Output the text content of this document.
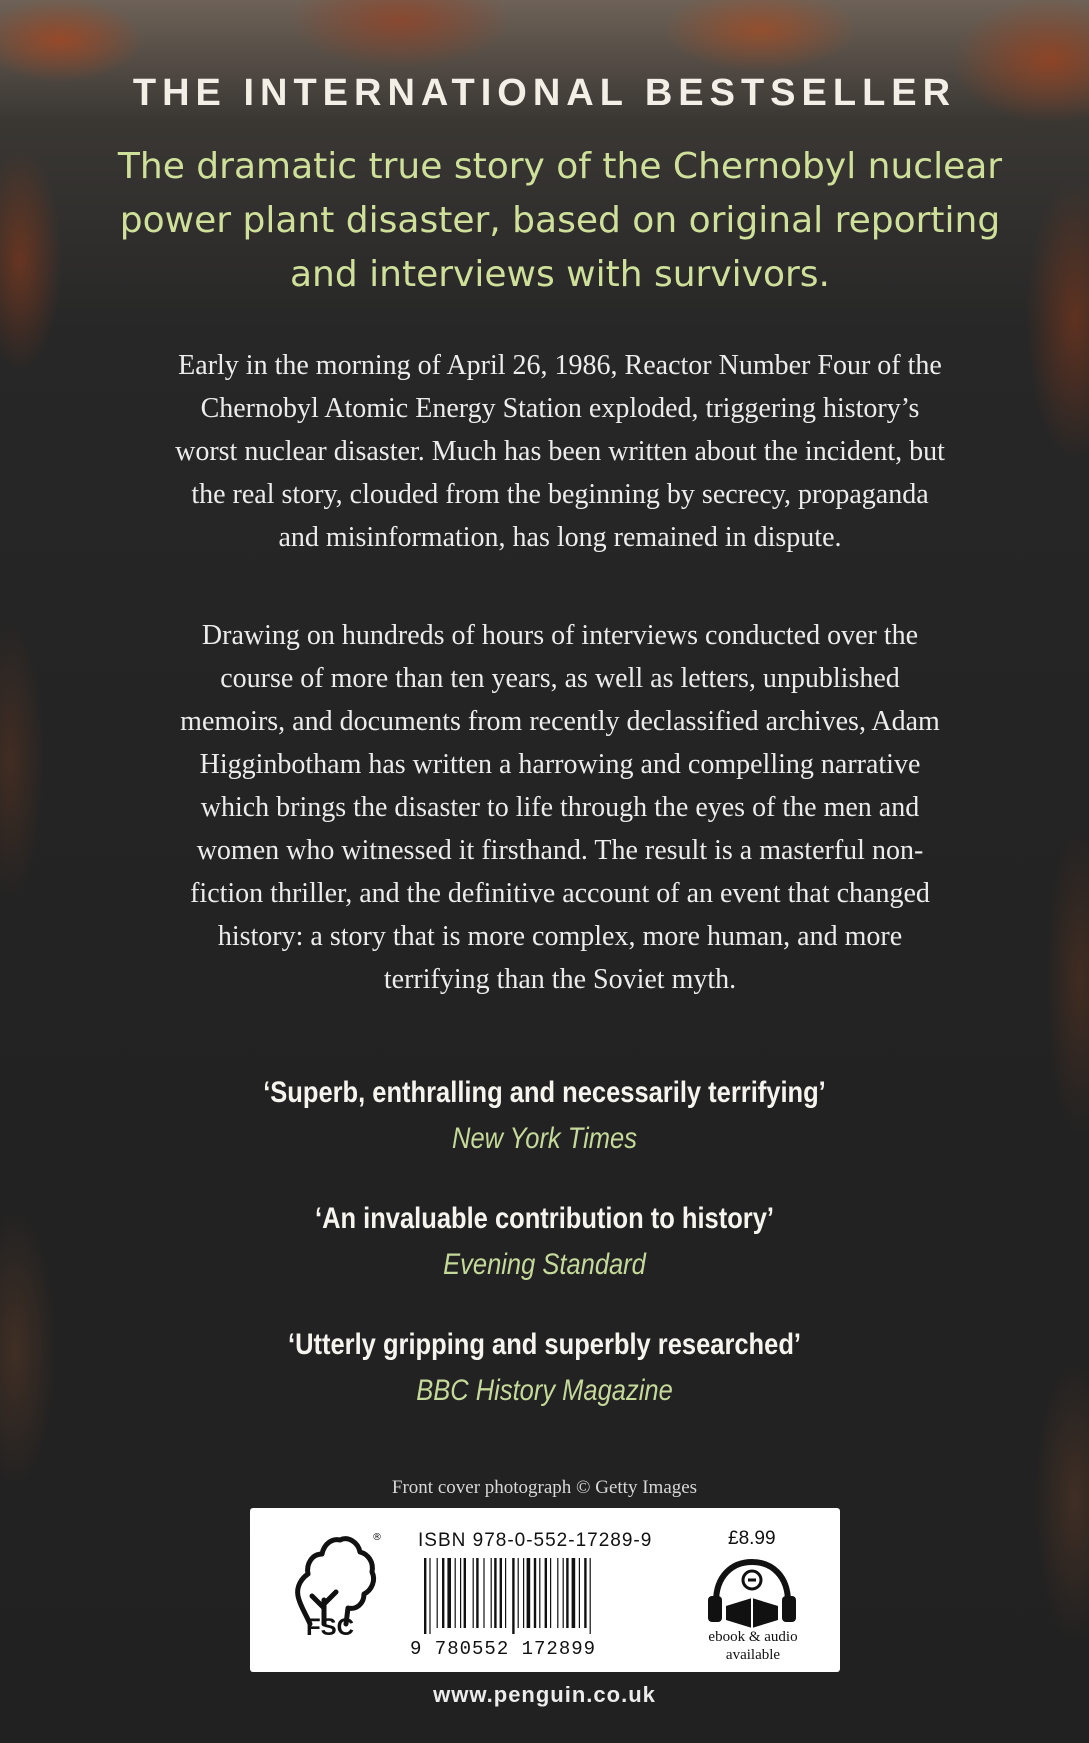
THE INTERNATIONAL BESTSELLER

The dramatic true story of the Chernobyl nuclear

power plant disaster, based on original reporting

and interviews with survivors.

Early in the morning of April 26, 1986, Reactor Number Four of the

Chernobyl Atomic Energy Station exploded, triggering history’s

worst nuclear disaster. Much has been written about the incident, but

the real story, clouded from the beginning by secrecy, propaganda

and misinformation, has long remained in dispute.

Drawing on hundreds of hours of interviews conducted over the

course of more than ten years, as well as letters, unpublished

memoirs, and documents from recently declassified archives, Adam

Higginbotham has written a harrowing and compelling narrative

which brings the disaster to life through the eyes of the men and

women who witnessed it firsthand. The result is a masterful non-

fiction thriller, and the definitive account of an event that changed

history: a story that is more complex, more human, and more

terrifying than the Soviet myth.

‘Superb, enthralling and necessarily terrifying’
New York Times
‘An invaluable contribution to history’
Evening Standard
‘Utterly gripping and superbly researched’
BBC History Magazine
Front cover photograph © Getty Images
®
FSC
ISBN 978-0-552-17289-9
9 780552 172899
£8.99
ebook & audio
available
www.penguin.co.uk
